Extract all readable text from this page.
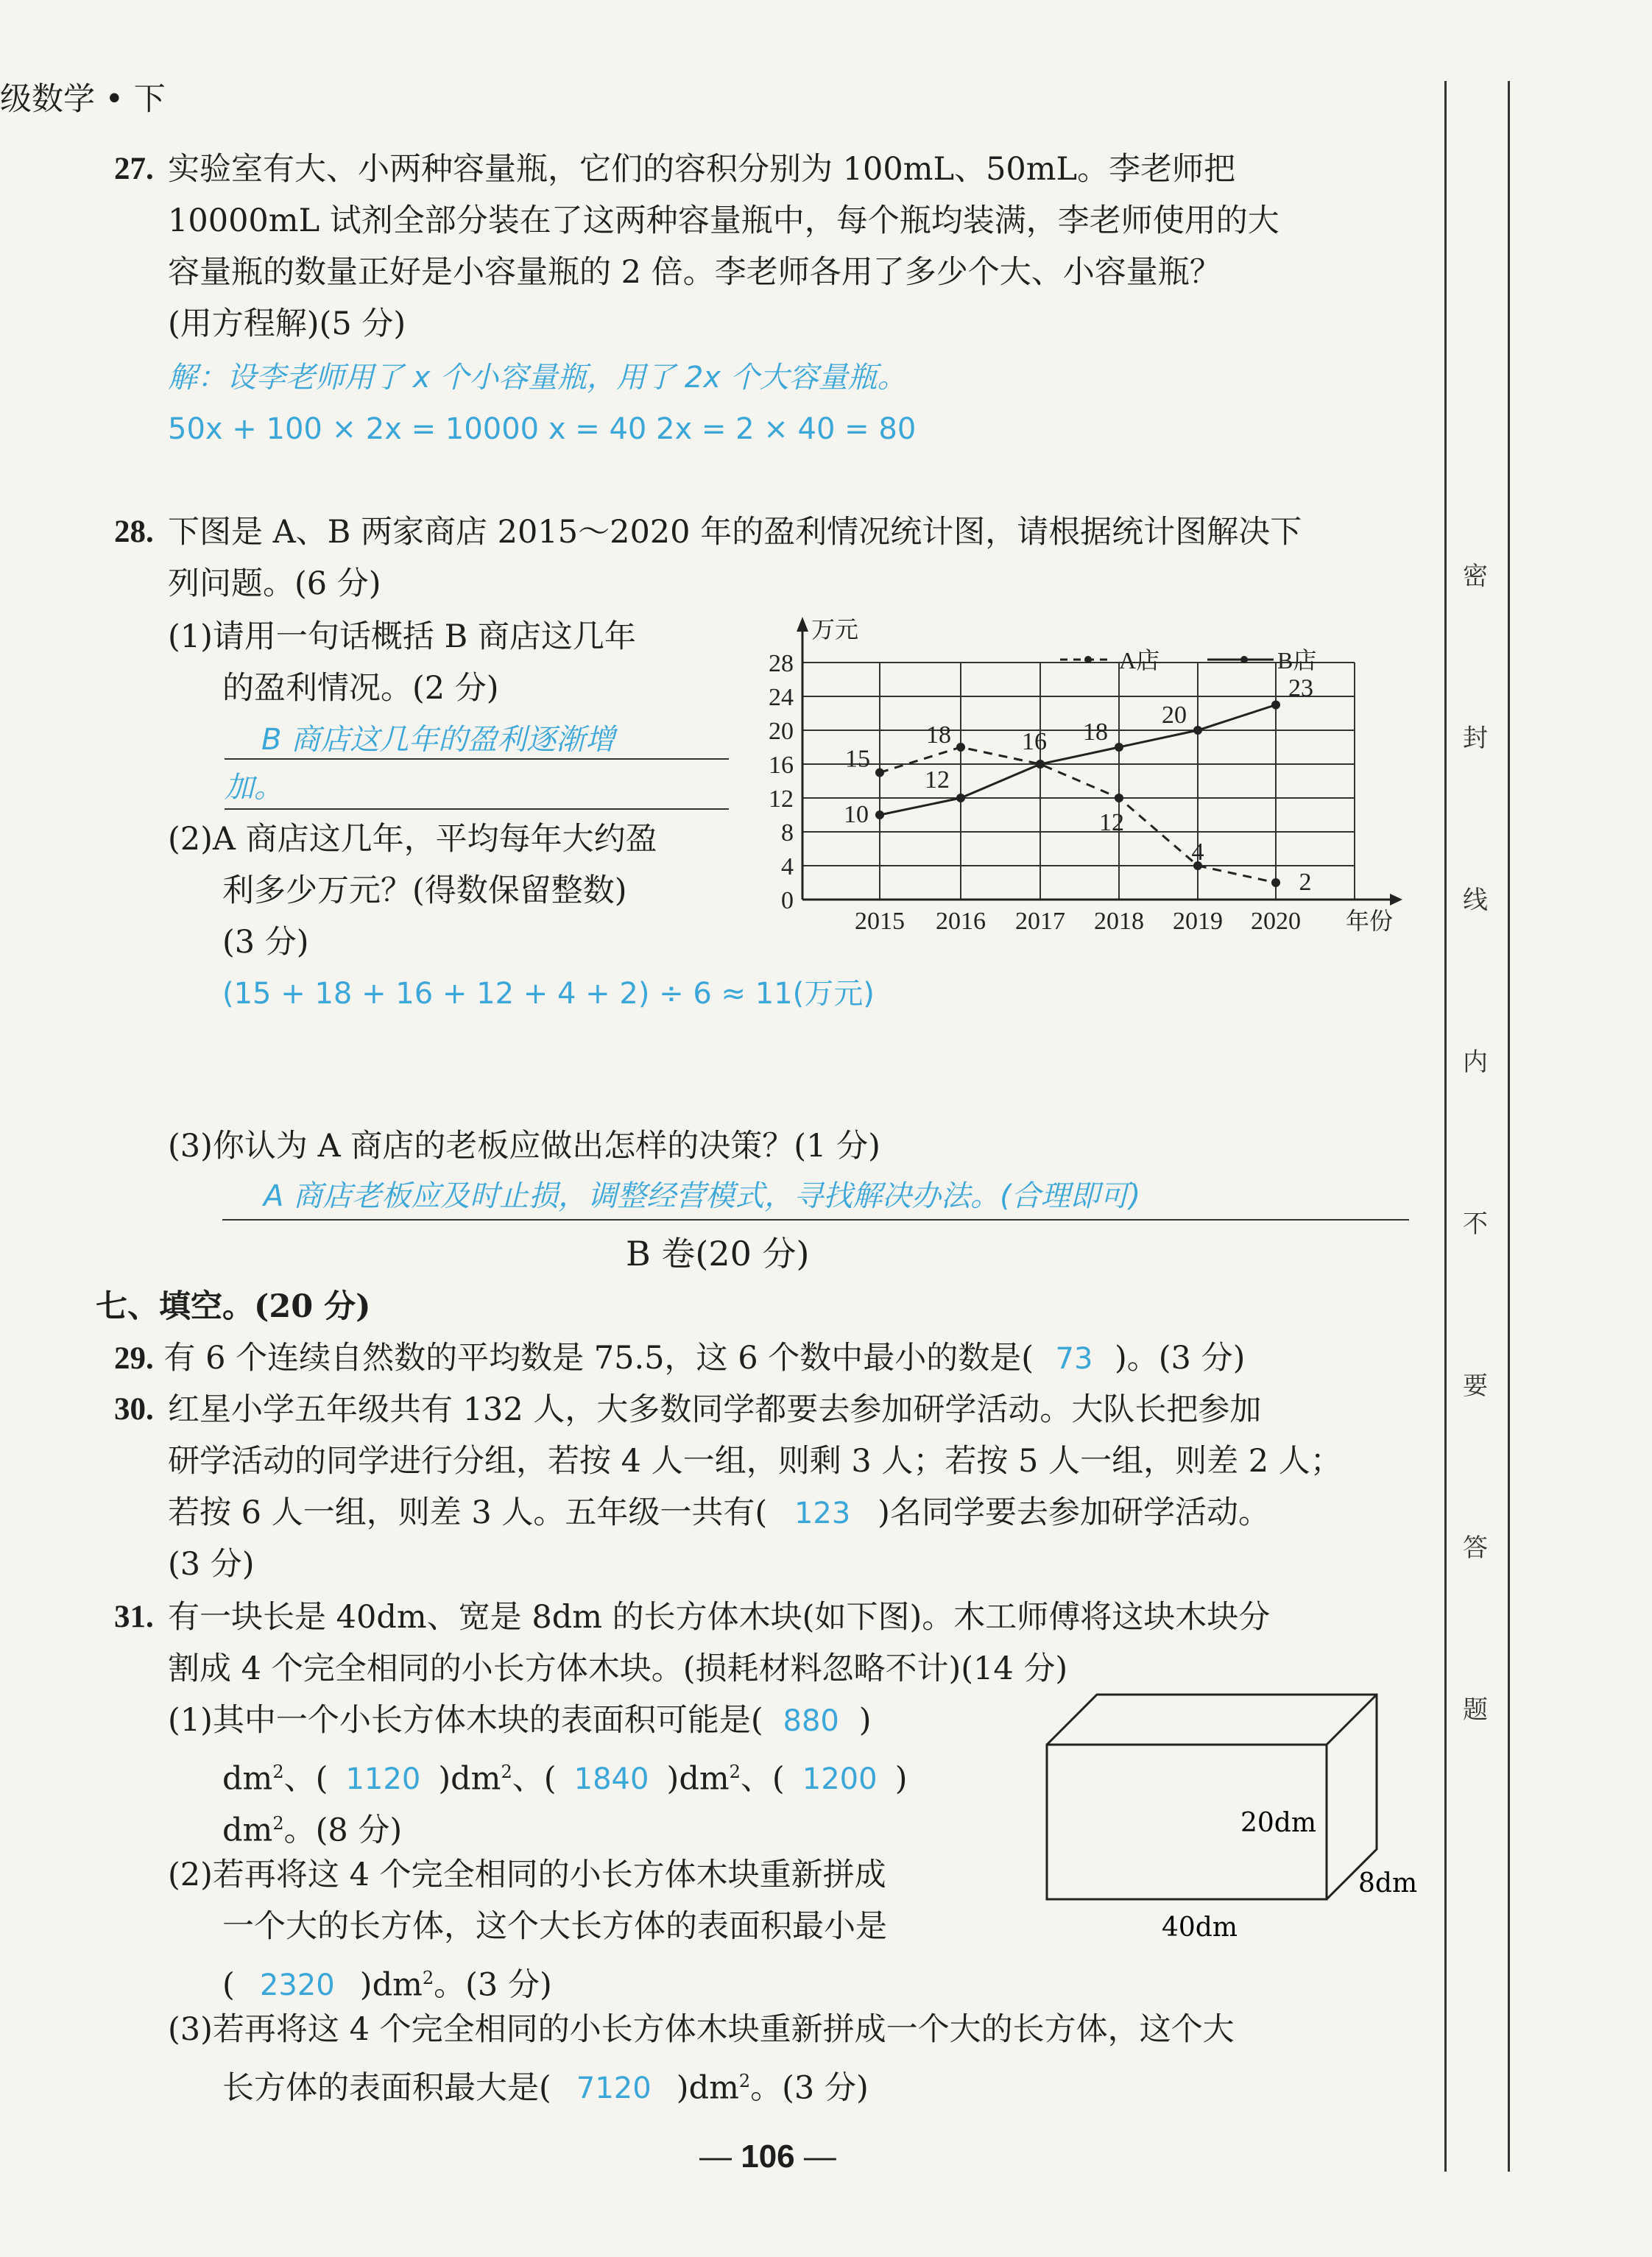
级数学 • 下
密
封
线
内
不
要
答
题
27. 实验室有大、小两种容量瓶，它们的容积分别为 100mL、50mL。李老师把
10000mL 试剂全部分装在了这两种容量瓶中，每个瓶均装满，李老师使用的大
容量瓶的数量正好是小容量瓶的 2 倍。李老师各用了多少个大、小容量瓶？
(用方程解)(5 分)
解：设李老师用了 x 个小容量瓶，用了 2x 个大容量瓶。
50x + 100 × 2x = 10000 x = 40 2x = 2 × 40 = 80
28. 下图是 A、B 两家商店 2015～2020 年的盈利情况统计图，请根据统计图解决下
列问题。(6 分)
(1)请用一句话概括 B 商店这几年
的盈利情况。(2 分)
B 商店这几年的盈利逐渐增
加。
(2)A 商店这几年，平均每年大约盈
利多少万元？(得数保留整数)
(3 分)
(15 + 18 + 16 + 12 + 4 + 2) ÷ 6 ≈ 11(万元)
(3)你认为 A 商店的老板应做出怎样的决策？(1 分)
A 商店老板应及时止损，调整经营模式，寻找解决办法。(合理即可)
0
4
8
12
16
20
24
28
2015 2016 2017 2018 2019 2020
万元
年份
15
18	16
12
4
2
10
12
18
20
23
A店	B店
B 卷(20 分)
七、填空。(20 分)
29. 有 6 个连续自然数的平均数是 75.5，这 6 个数中最小的数是( 73 )。(3 分)
30. 红星小学五年级共有 132 人，大多数同学都要去参加研学活动。大队长把参加
研学活动的同学进行分组，若按 4 人一组，则剩 3 人；若按 5 人一组，则差 2 人；
若按 6 人一组，则差 3 人。五年级一共有( 123 )名同学要去参加研学活动。
(3 分)
31. 有一块长是 40dm、宽是 8dm 的长方体木块(如下图)。木工师傅将这块木块分
割成 4 个完全相同的小长方体木块。(损耗材料忽略不计)(14 分)
(1)其中一个小长方体木块的表面积可能是( 880 )
$dm^2$、( 1120 )$dm^2$、( 1840 )$dm^2$、( 1200 )
$dm^2$。(8 分)
(2)若再将这 4 个完全相同的小长方体木块重新拼成
一个大的长方体，这个大长方体的表面积最小是
( 2320 )$dm^2$。(3 分)
(3)若再将这 4 个完全相同的小长方体木块重新拼成一个大的长方体，这个大
长方体的表面积最大是( 7120 )$dm^2$。(3 分)
20dm
8dm
40dm
— 106 —
